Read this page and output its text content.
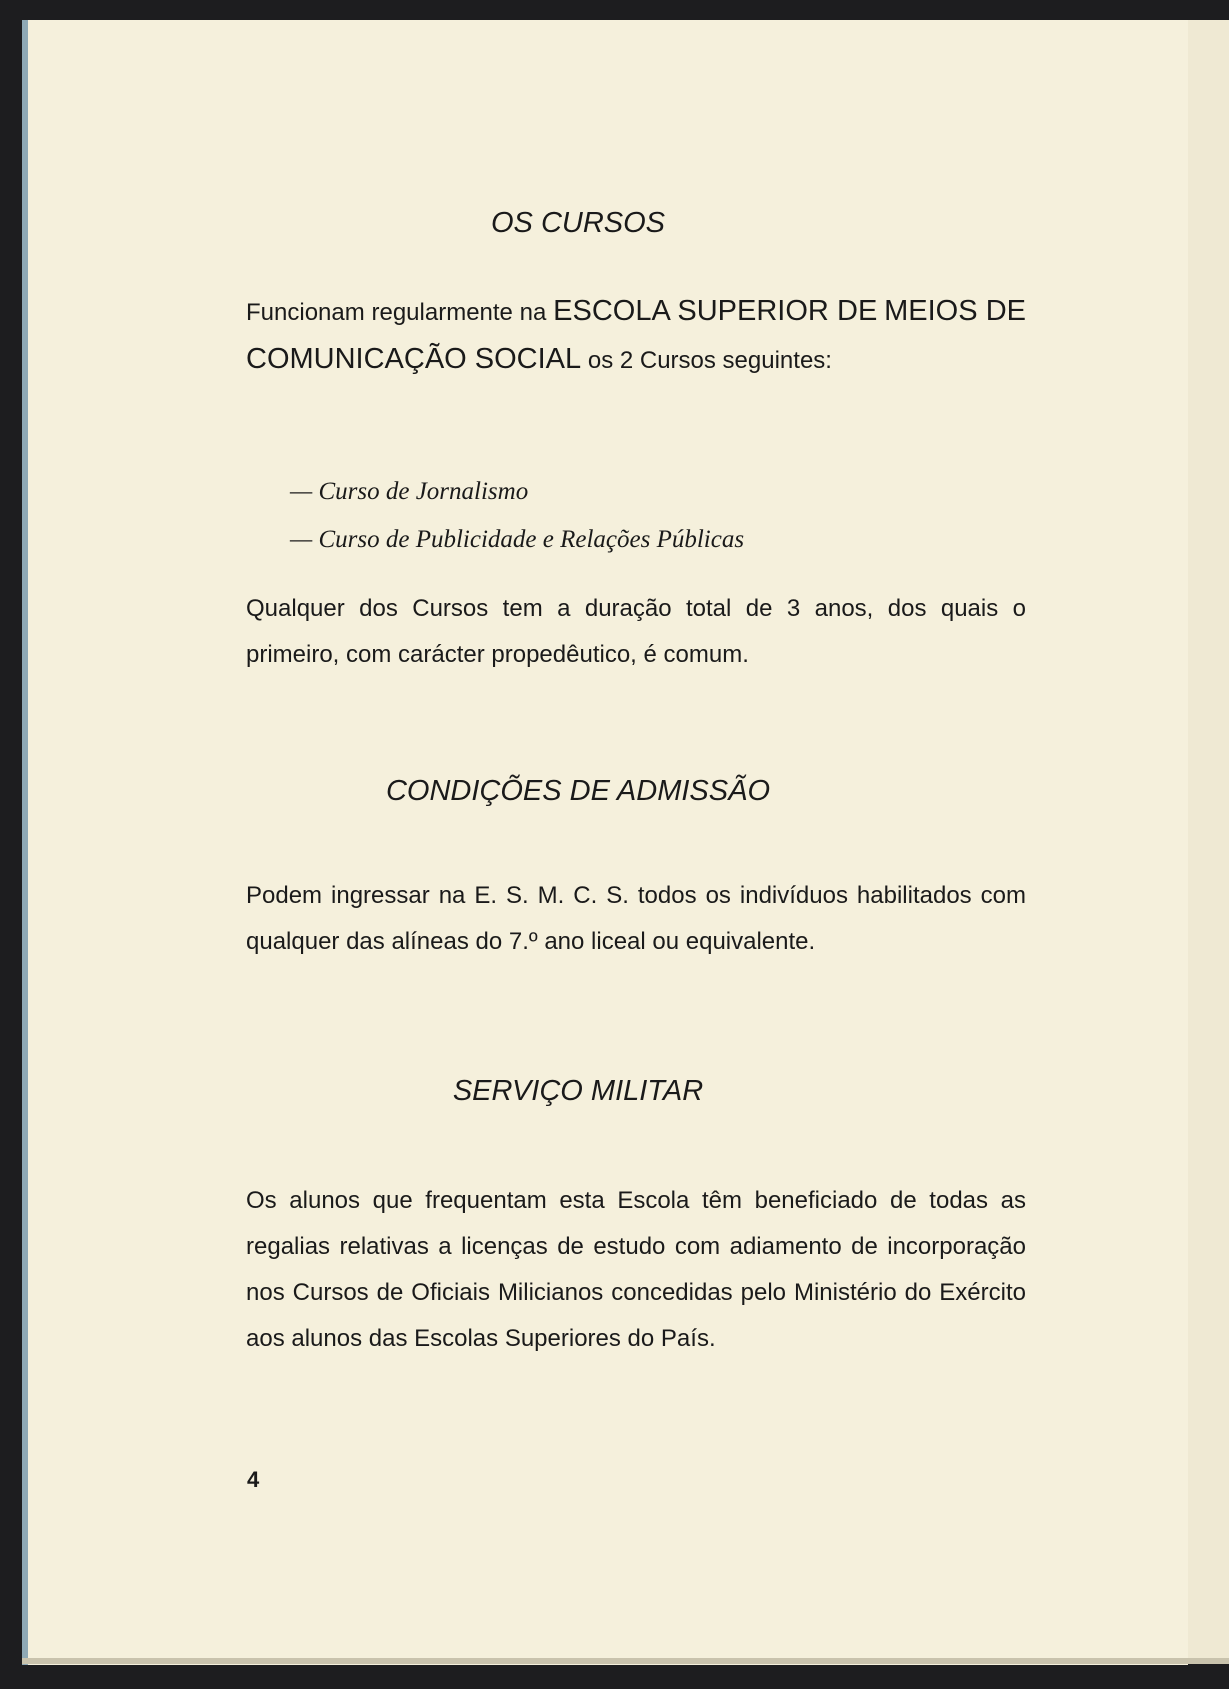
OS CURSOS

Funcionam regularmente na ESCOLA SUPERIOR DE MEIOS DE COMUNICAÇÃO SOCIAL os 2 Cursos seguintes:

— Curso de Jornalismo
— Curso de Publicidade e Relações Públicas

Qualquer dos Cursos tem a duração total de 3 anos, dos quais o primeiro, com carácter propedêutico, é comum.

CONDIÇÕES DE ADMISSÃO

Podem ingressar na E. S. M. C. S. todos os indivíduos habilitados com qualquer das alíneas do 7.º ano liceal ou equivalente.

SERVIÇO MILITAR

Os alunos que frequentam esta Escola têm beneficiado de todas as regalias relativas a licenças de estudo com adiamento de incorporação nos Cursos de Oficiais Milicianos concedidas pelo Ministério do Exército aos alunos das Escolas Superiores do País.

4
